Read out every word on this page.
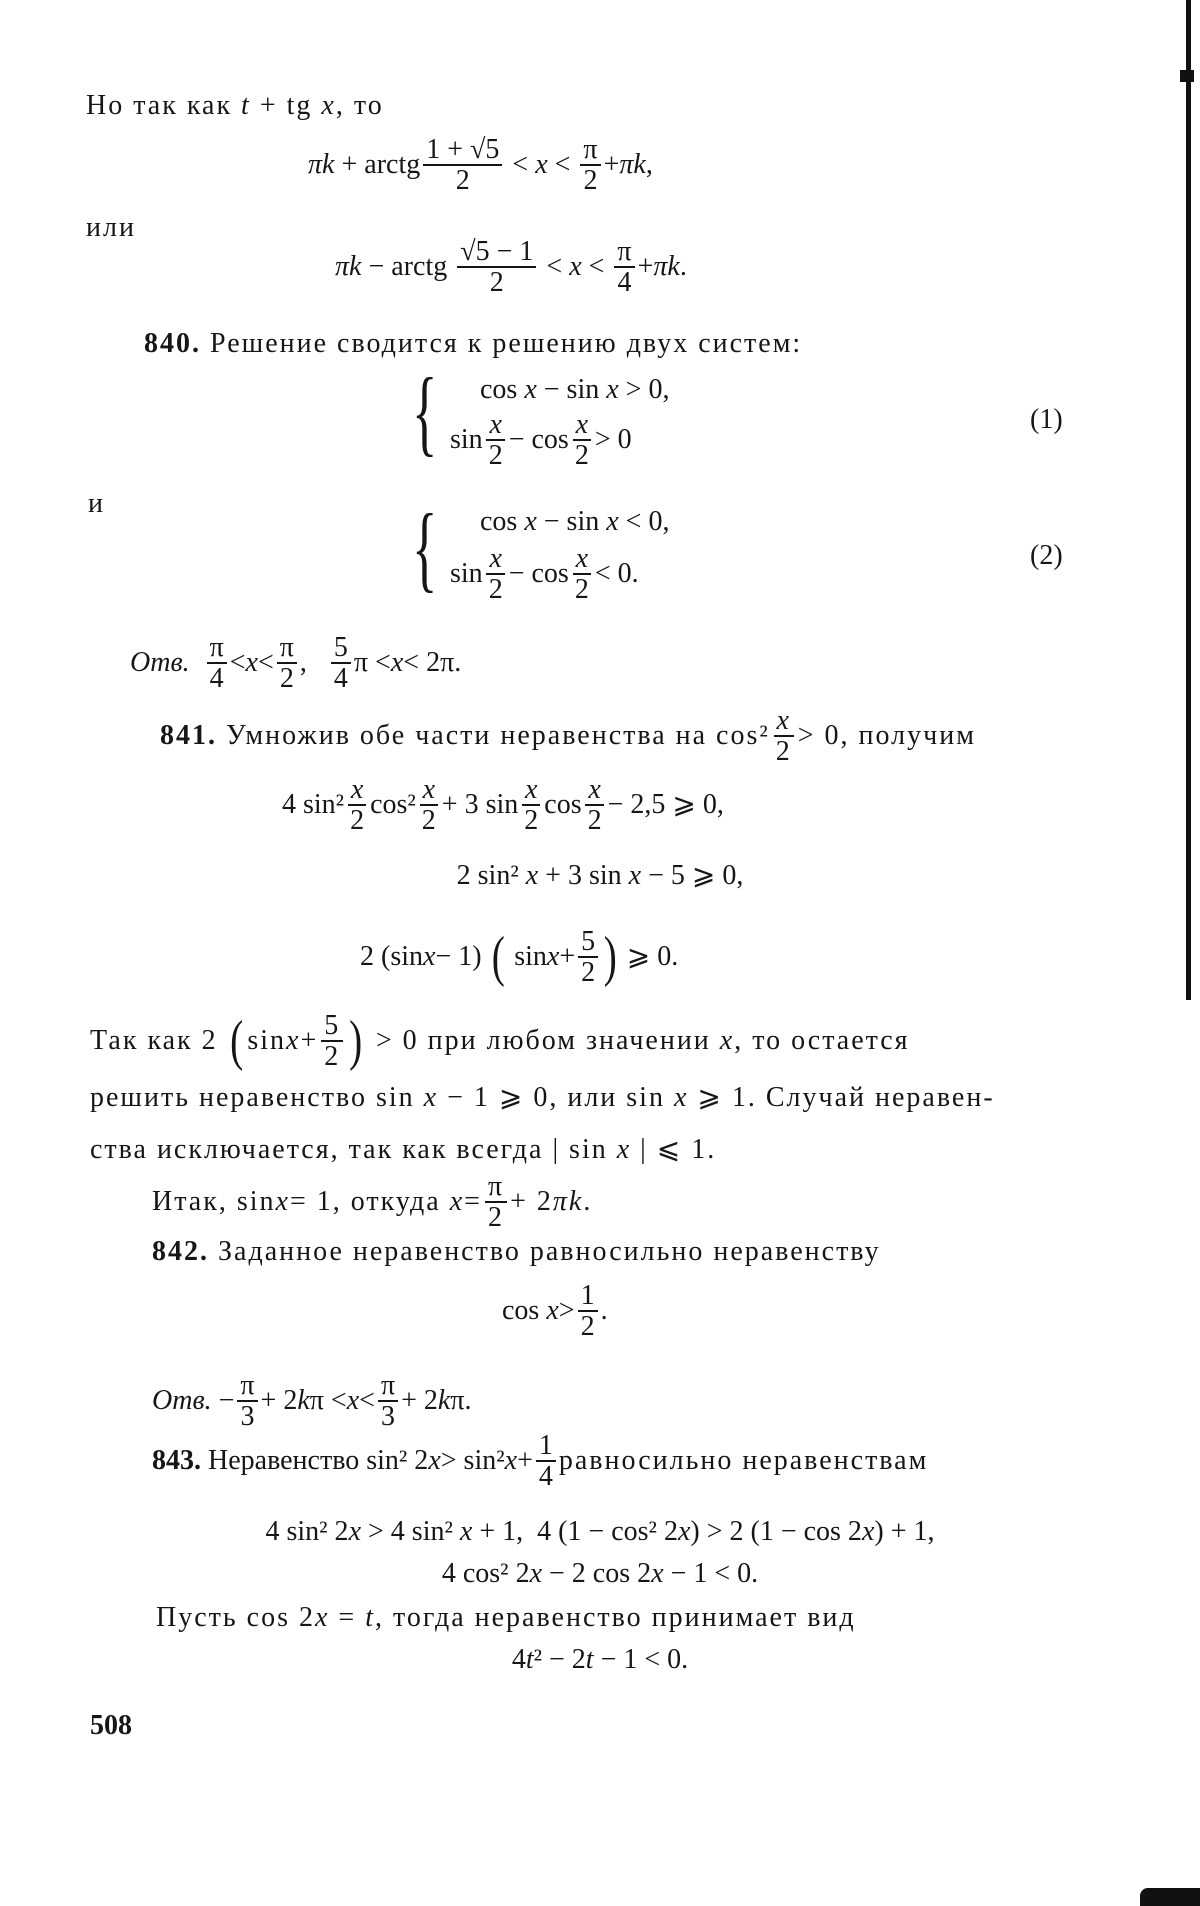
Но так как t + tg x, то
πk + arctg $\frac{1 + √5}{2} < x < \frac{\pi}{2} + \pi k$ ,
или
πk − arctg $\frac{√5 - 1}{2} < x < \frac{\pi}{4} + \pi k$ .
840. Решение сводится к решению двух систем:
{ cos x − sin x > 0,
$\sin \frac{x}{2} - \cos \frac{x}{2} > 0$
(1)
и	{ cos x − sin x < 0,
$\sin \frac{x}{2} - \cos \frac{x}{2} < 0$.
(2)
Отв.
$\frac{\pi}{4} < x < \frac{\pi}{2}$ , $\frac{5}{4}$ π < x < 2π.
841. Умножив обе части неравенства на $\cos^2 \frac{x}{2} > 0$, получим
4 $\sin^2 \frac{x}{2} \cos^2 \frac{x}{2} + 3$ $\sin \frac{x}{2}$ $\cos \frac{x}{2} - 2,5$ ⩾ 0,
2 sin² x + 3 sin x − 5 ⩾ 0,
2 (sin x − 1) ( $\sin x + \frac{5}{2}$ ) ⩾ 0.
Так как 2 ( $\sin x + \frac{5}{2}$ ) > 0 при любом значении x , то остается
решить неравенство sin x − 1 ⩾ 0, или sin x ⩾ 1. Случай неравен-
ства исключается, так как всегда | sin x | ⩽ 1.
Итак, sin x = 1, откуда $x = \frac{\pi}{2} + 2$ πk .
842. Заданное неравенство равносильно неравенству
$\cos x > \frac{1}{2}$ .
Отв. − $\frac{\pi}{3} + 2$ k $\pi < x < \frac{\pi}{3} + 2$ k π.
843. Неравенство sin² 2 x > sin² $x + \frac{1}{4}$ равносильно неравенствам
4 sin² 2x > 4 sin² x + 1,  4 (1 − cos² 2x) > 2 (1 − cos 2x) + 1,
4 cos² 2x − 2 cos 2x − 1 < 0.
Пусть cos 2x = t, тогда неравенство принимает вид
4t² − 2t − 1 < 0.
508
